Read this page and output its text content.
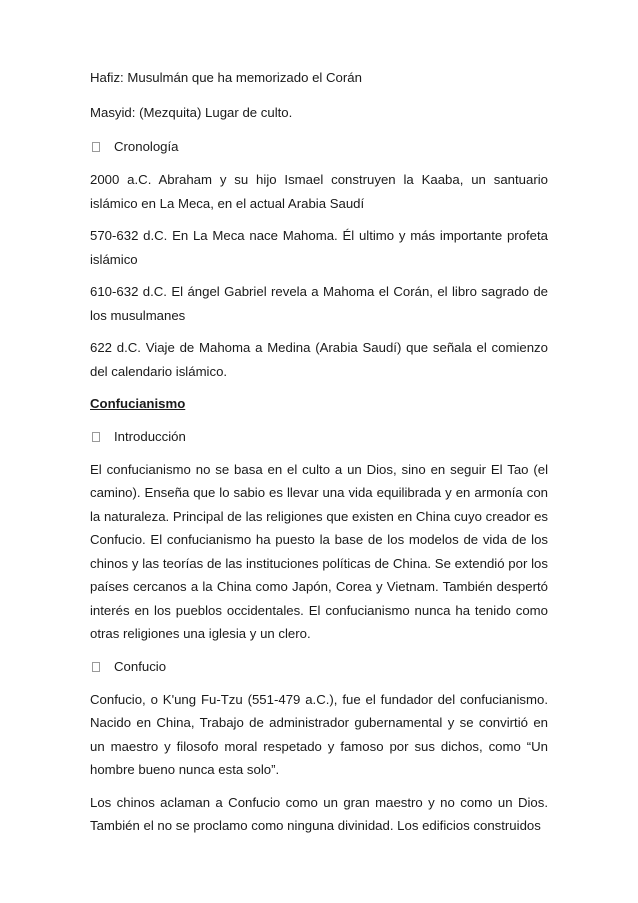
Hafiz: Musulmán que ha memorizado el Corán

Masyid: (Mezquita) Lugar de culto.

Cronología

2000 a.C. Abraham y su hijo Ismael construyen la Kaaba, un santuario islámico en La Meca, en el actual Arabia Saudí

570-632 d.C. En La Meca nace Mahoma. Él ultimo y más importante profeta islámico

610-632 d.C. El ángel Gabriel revela a Mahoma el Corán, el libro sagrado de los musulmanes

622 d.C. Viaje de Mahoma a Medina (Arabia Saudí) que señala el comienzo del calendario islámico.

Confucianismo

Introducción

El confucianismo no se basa en el culto a un Dios, sino en seguir El Tao (el camino). Enseña que lo sabio es llevar una vida equilibrada y en armonía con la naturaleza. Principal de las religiones que existen en China cuyo creador es Confucio. El confucianismo ha puesto la base de los modelos de vida de los chinos y las teorías de las instituciones políticas de China. Se extendió por los países cercanos a la China como Japón, Corea y Vietnam. También despertó interés en los pueblos occidentales. El confucianismo nunca ha tenido como otras religiones una iglesia y un clero.

Confucio

Confucio, o K'ung Fu-Tzu (551-479 a.C.), fue el fundador del confucianismo. Nacido en China, Trabajo de administrador gubernamental y se convirtió en un maestro y filosofo moral respetado y famoso por sus dichos, como “Un hombre bueno nunca esta solo”.

Los chinos aclaman a Confucio como un gran maestro y no como un Dios. También el no se proclamo como ninguna divinidad. Los edificios construidos
